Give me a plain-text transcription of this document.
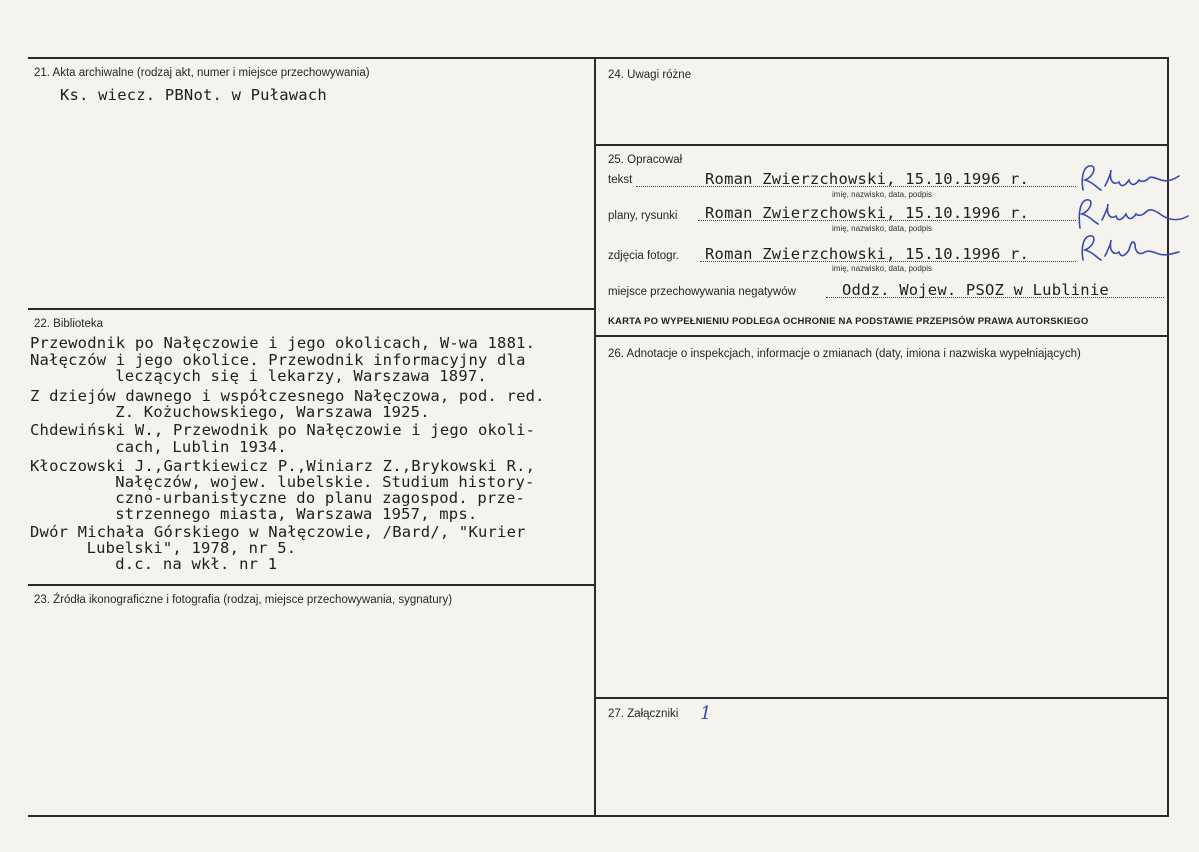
21. Akta archiwalne (rodzaj akt, numer i miejsce przechowywania)
Ks. wiecz. PBNot. w Puławach
22. Biblioteka
Przewodnik po Nałęczowie i jego okolicach, W-wa 1881.
Nałęczów i jego okolice. Przewodnik informacyjny dla
leczących się i lekarzy, Warszawa 1897.
Z dziejów dawnego i współczesnego Nałęczowa, pod. red.
Z. Kożuchowskiego, Warszawa 1925.
Chdewiński W., Przewodnik po Nałęczowie i jego okoli-
cach, Lublin 1934.
Kłoczowski J.,Gartkiewicz P.,Winiarz Z.,Brykowski R.,
Nałęczów, wojew. lubelskie. Studium history-
czno-urbanistyczne do planu zagospod. prze-
strzennego miasta, Warszawa 1957, mps.
Dwór Michała Górskiego w Nałęczowie, /Bard/, "Kurier
Lubelski", 1978, nr 5.
d.c. na wkł. nr 1
23. Źródła ikonograficzne i fotografia (rodzaj, miejsce przechowywania, sygnatury)
24. Uwagi różne
25. Opracował
tekst	Roman Zwierzchowski, 15.10.1996 r.
imię, nazwisko, data, podpis
plany, rysunki Roman Zwierzchowski, 15.10.1996 r.
imię, nazwisko, data, podpis
zdjęcia fotogr. Roman Zwierzchowski, 15.10.1996 r.
imię, nazwisko, data, podpis
miejsce przechowywania negatywów	Oddz. Wojew. PSOZ w Lublinie
KARTA PO WYPEŁNIENIU PODLEGA OCHRONIE NA PODSTAWIE PRZEPISÓW PRAWA AUTORSKIEGO
26. Adnotacje o inspekcjach, informacje o zmianach (daty, imiona i nazwiska wypełniających)
27. Załączniki 1
